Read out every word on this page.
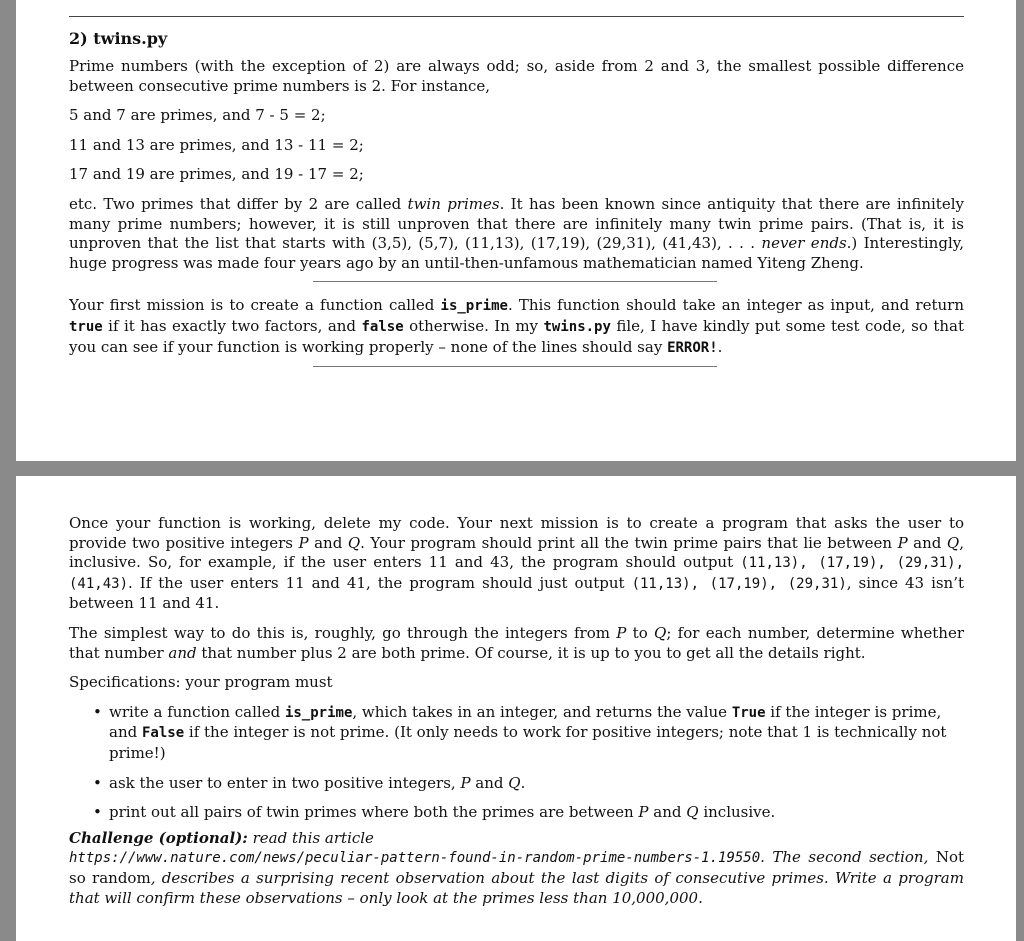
2) twins.py

Prime numbers (with the exception of 2) are always odd; so, aside from 2 and 3, the smallest possible difference between consecutive prime numbers is 2. For instance,

5 and 7 are primes, and 7 - 5 = 2;

11 and 13 are primes, and 13 - 11 = 2;

17 and 19 are primes, and 19 - 17 = 2;

etc. Two primes that differ by 2 are called twin primes. It has been known since antiquity that there are infinitely many prime numbers; however, it is still unproven that there are infinitely many twin prime pairs. (That is, it is unproven that the list that starts with (3,5), (5,7), (11,13), (17,19), (29,31), (41,43), . . . never ends.) Interestingly, huge progress was made four years ago by an until-then-unfamous mathematician named Yiteng Zheng.

Your first mission is to create a function called is_prime. This function should take an integer as input, and return true if it has exactly two factors, and false otherwise. In my twins.py file, I have kindly put some test code, so that you can see if your function is working properly – none of the lines should say ERROR!.

Once your function is working, delete my code. Your next mission is to create a program that asks the user to provide two positive integers P and Q. Your program should print all the twin prime pairs that lie between P and Q, inclusive. So, for example, if the user enters 11 and 43, the program should output (11,13), (17,19), (29,31), (41,43). If the user enters 11 and 41, the program should just output (11,13), (17,19), (29,31), since 43 isn’t between 11 and 41.

The simplest way to do this is, roughly, go through the integers from P to Q; for each number, determine whether that number and that number plus 2 are both prime. Of course, it is up to you to get all the details right.

Specifications: your program must

• write a function called is_prime, which takes in an integer, and returns the value True if the integer is prime, and False if the integer is not prime. (It only needs to work for positive integers; note that 1 is technically not prime!)
• ask the user to enter in two positive integers, P and Q.
• print out all pairs of twin primes where both the primes are between P and Q inclusive.

Challenge (optional): read this article
https://www.nature.com/news/peculiar-pattern-found-in-random-prime-numbers-1.19550. The second section, Not so random, describes a surprising recent observation about the last digits of consecutive primes. Write a program that will confirm these observations – only look at the primes less than 10,000,000.
